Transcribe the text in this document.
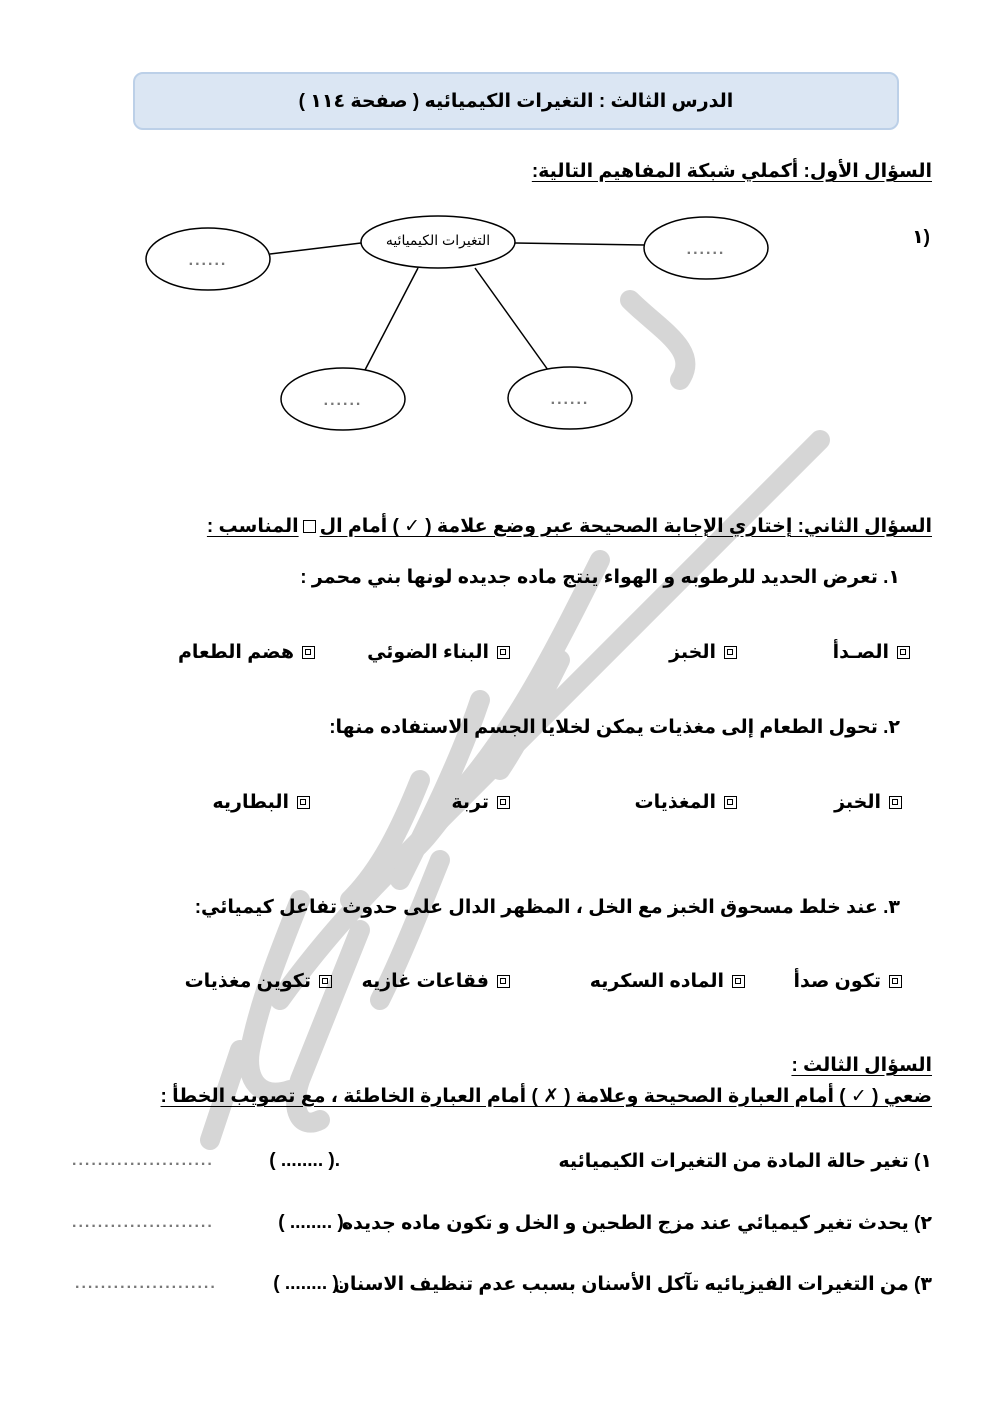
الدرس الثالث : التغيرات الكيميائيه ( صفحة ١١٤ )
السؤال الأول: أكملي شبكة المفاهيم التالية:
١)
التغيرات الكيميائيه
......
......
......	......
السؤال الثاني: إختاري الإجابة الصحيحة عبر وضع علامة ( ✓ ) أمام الالمناسب :
١. تعرض الحديد للرطوبه و الهواء ينتج ماده جديده لونها بني محمر :
الصـدأ
الخبز
البناء الضوئي
هضم الطعام
٢. تحول الطعام إلى مغذيات يمكن لخلايا الجسم الاستفاده منها:
الخبز
المغذيات
تربة
البطاريه
٣. عند خلط مسحوق الخبز مع الخل ، المظهر الدال على حدوث تفاعل كيميائي:
تكون صدأ
الماده السكريه
فقاعات غازيه
تكوين مغذيات
السؤال الثالث :
ضعي ( ✓ ) أمام العبارة الصحيحة وعلامة ( ✗ ) أمام العبارة الخاطئة ، مع تصويب الخطأ :
١) تغير حالة المادة من التغيرات الكيميائيه
( ........ ).
......................
٢) يحدث تغير كيميائي عند مزج الطحين و الخل و تكون ماده جديده
( ........ ).
......................
٣) من التغيرات الفيزيائيه تآكل الأسنان بسبب عدم تنظيف الاسنان
( ........ ).
......................
